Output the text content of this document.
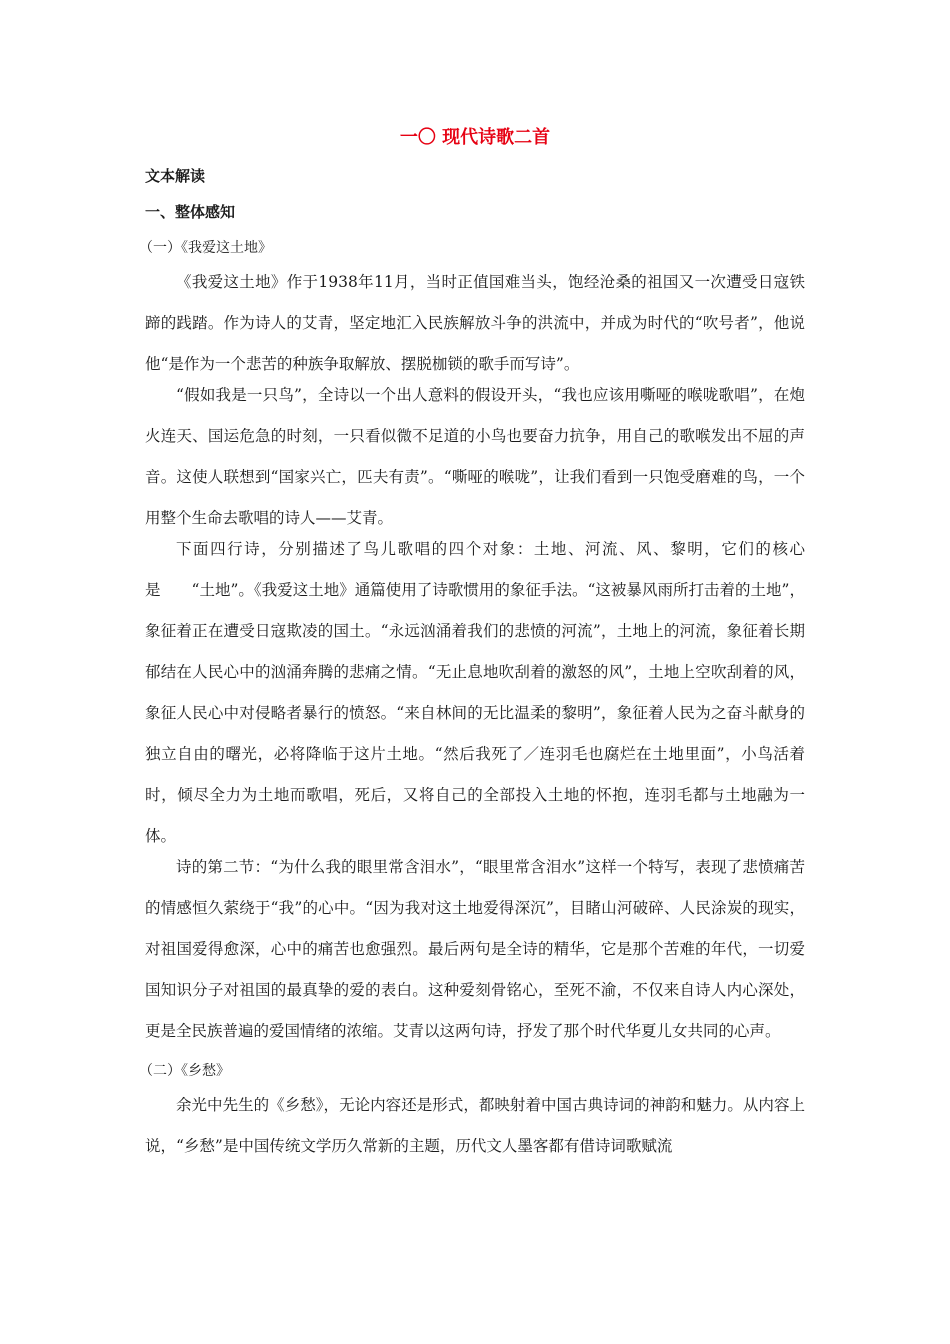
一〇 现代诗歌二首
文本解读
一、整体感知
（一）《我爱这土地》

《我爱这土地》作于1938年11月，当时正值国难当头，饱经沧桑的祖国又一次遭受日寇铁蹄的践踏。作为诗人的艾青，坚定地汇入民族解放斗争的洪流中，并成为时代的“吹号者”，他说他“是作为一个悲苦的种族争取解放、摆脱枷锁的歌手而写诗”。

“假如我是一只鸟”，全诗以一个出人意料的假设开头，“我也应该用嘶哑的喉咙歌唱”，在炮火连天、国运危急的时刻，一只看似微不足道的小鸟也要奋力抗争，用自己的歌喉发出不屈的声音。这使人联想到“国家兴亡，匹夫有责”。“嘶哑的喉咙”，让我们看到一只饱受磨难的鸟，一个用整个生命去歌唱的诗人——艾青。

下面四行诗，分别描述了鸟儿歌唱的四个对象：土地、河流、风、黎明，它们的核心是　　“土地”。《我爱这土地》通篇使用了诗歌惯用的象征手法。“这被暴风雨所打击着的土地”，象征着正在遭受日寇欺凌的国土。“永远汹涌着我们的悲愤的河流”，土地上的河流，象征着长期郁结在人民心中的汹涌奔腾的悲痛之情。“无止息地吹刮着的激怒的风”，土地上空吹刮着的风，象征人民心中对侵略者暴行的愤怒。“来自林间的无比温柔的黎明”，象征着人民为之奋斗献身的独立自由的曙光，必将降临于这片土地。“然后我死了／连羽毛也腐烂在土地里面”，小鸟活着时，倾尽全力为土地而歌唱，死后，又将自己的全部投入土地的怀抱，连羽毛都与土地融为一体。

诗的第二节：“为什么我的眼里常含泪水”，“眼里常含泪水”这样一个特写，表现了悲愤痛苦的情感恒久萦绕于“我”的心中。“因为我对这土地爱得深沉”，目睹山河破碎、人民涂炭的现实，对祖国爱得愈深，心中的痛苦也愈强烈。最后两句是全诗的精华，它是那个苦难的年代，一切爱国知识分子对祖国的最真挚的爱的表白。这种爱刻骨铭心，至死不渝，不仅来自诗人内心深处，更是全民族普遍的爱国情绪的浓缩。艾青以这两句诗，抒发了那个时代华夏儿女共同的心声。

（二）《乡愁》

余光中先生的《乡愁》，无论内容还是形式，都映射着中国古典诗词的神韵和魅力。从内容上说，“乡愁”是中国传统文学历久常新的主题，历代文人墨客都有借诗词歌赋流
